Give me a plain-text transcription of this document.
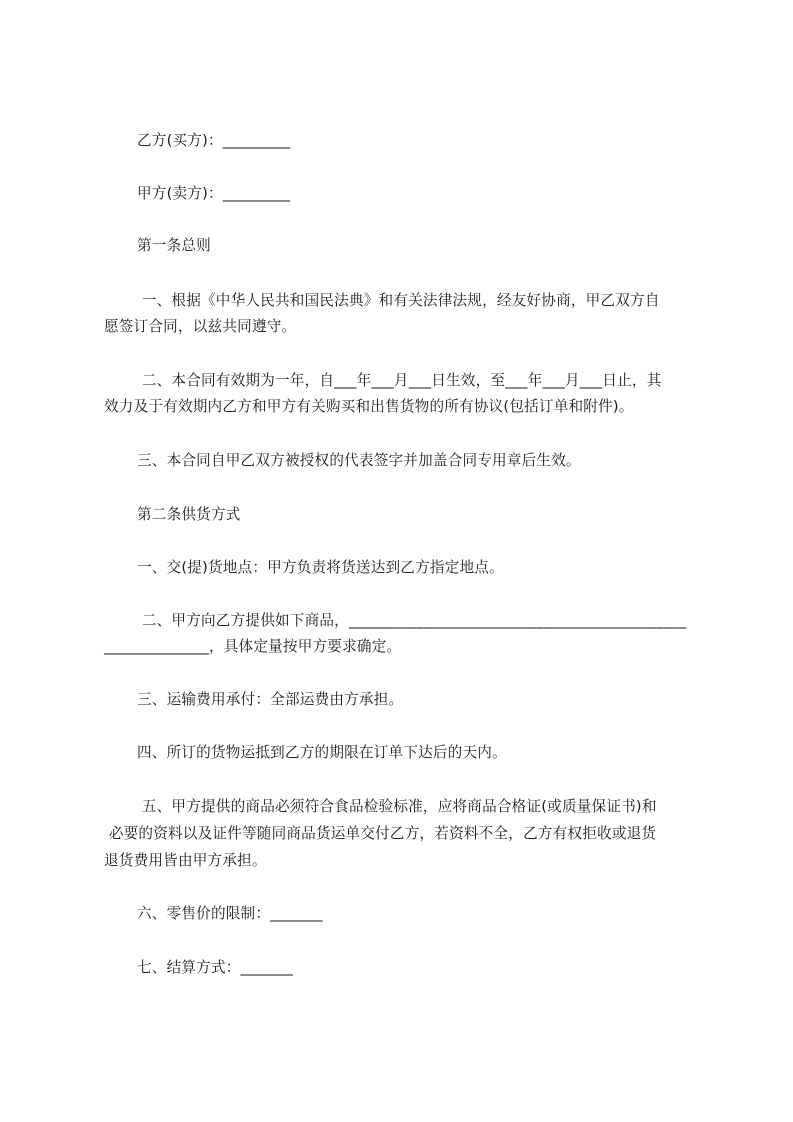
乙方(买方)：_________
甲方(卖方)：_________
第一条总则
一、根据《中华人民共和国民法典》和有关法律法规，经友好协商，甲乙双方自
愿签订合同，以兹共同遵守。
二、本合同有效期为一年，自___年___月___日生效，至___年___月___日止，其
效力及于有效期内乙方和甲方有关购买和出售货物的所有协议(包括订单和附件)。
三、本合同自甲乙双方被授权的代表签字并加盖合同专用章后生效。
第二条供货方式
一、交(提)货地点：甲方负责将货送达到乙方指定地点。
二、甲方向乙方提供如下商品，_____________________________________________
______________，具体定量按甲方要求确定。
三、运输费用承付：全部运费由方承担。
四、所订的货物运抵到乙方的期限在订单下达后的天内。
五、甲方提供的商品必须符合食品检验标准，应将商品合格证(或质量保证书)和
必要的资料以及证件等随同商品货运单交付乙方，若资料不全，乙方有权拒收或退货
退货费用皆由甲方承担。
六、零售价的限制：_______
七、结算方式：_______
